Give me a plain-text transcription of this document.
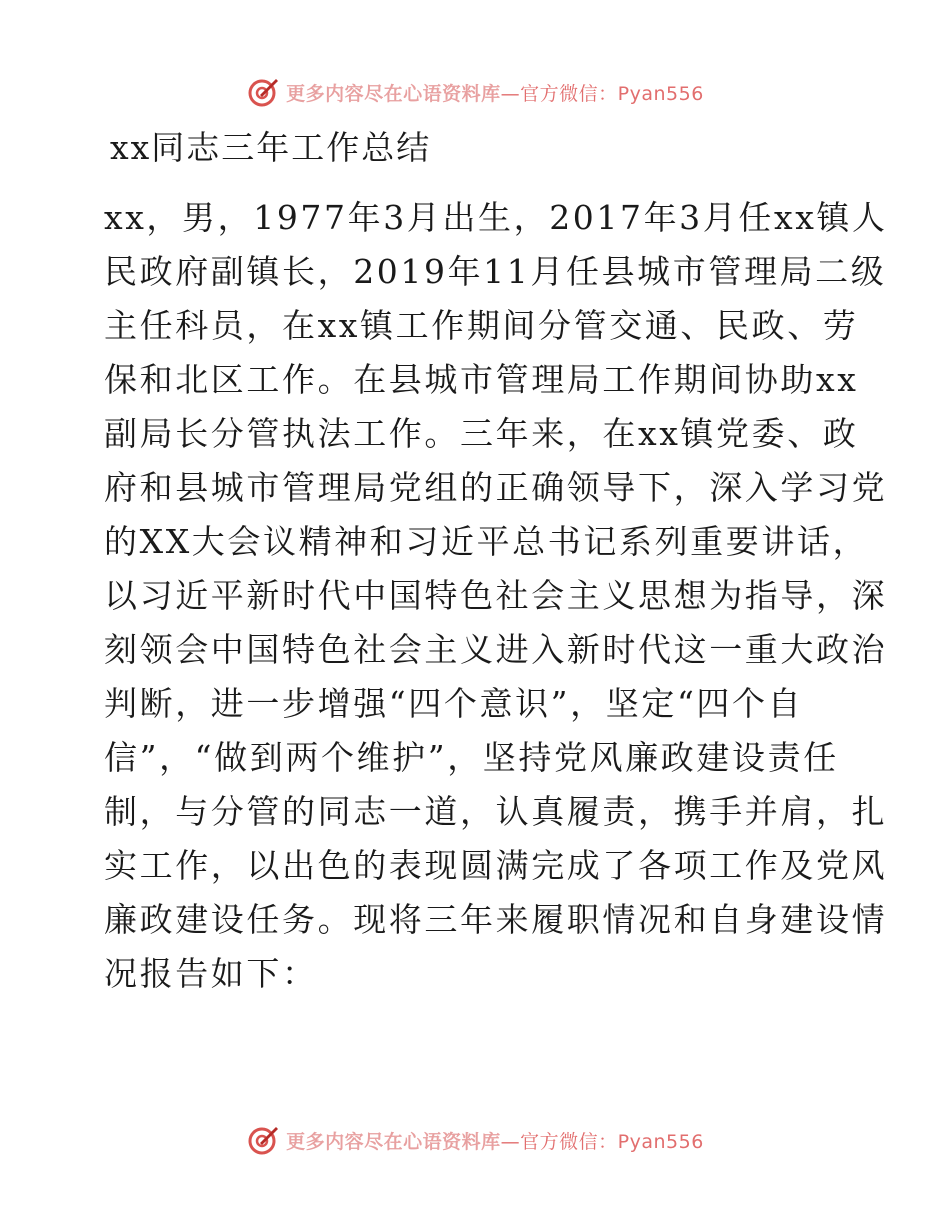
更多内容尽在心语资料库—官方微信：Pyan556
xx同志三年工作总结
xx，男，1977年3月出生，2017年3月任xx镇人
民政府副镇长，2019年11月任县城市管理局二级
主任科员，在xx镇工作期间分管交通、民政、劳
保和北区工作。在县城市管理局工作期间协助xx
副局长分管执法工作。三年来，在xx镇党委、政
府和县城市管理局党组的正确领导下，深入学习党
的XX大会议精神和习近平总书记系列重要讲话，
以习近平新时代中国特色社会主义思想为指导，深
刻领会中国特色社会主义进入新时代这一重大政治
判断，进一步增强“四个意识”，坚定“四个自
信”，“做到两个维护”，坚持党风廉政建设责任
制，与分管的同志一道，认真履责，携手并肩，扎
实工作，以出色的表现圆满完成了各项工作及党风
廉政建设任务。现将三年来履职情况和自身建设情
况报告如下：
更多内容尽在心语资料库—官方微信：Pyan556
